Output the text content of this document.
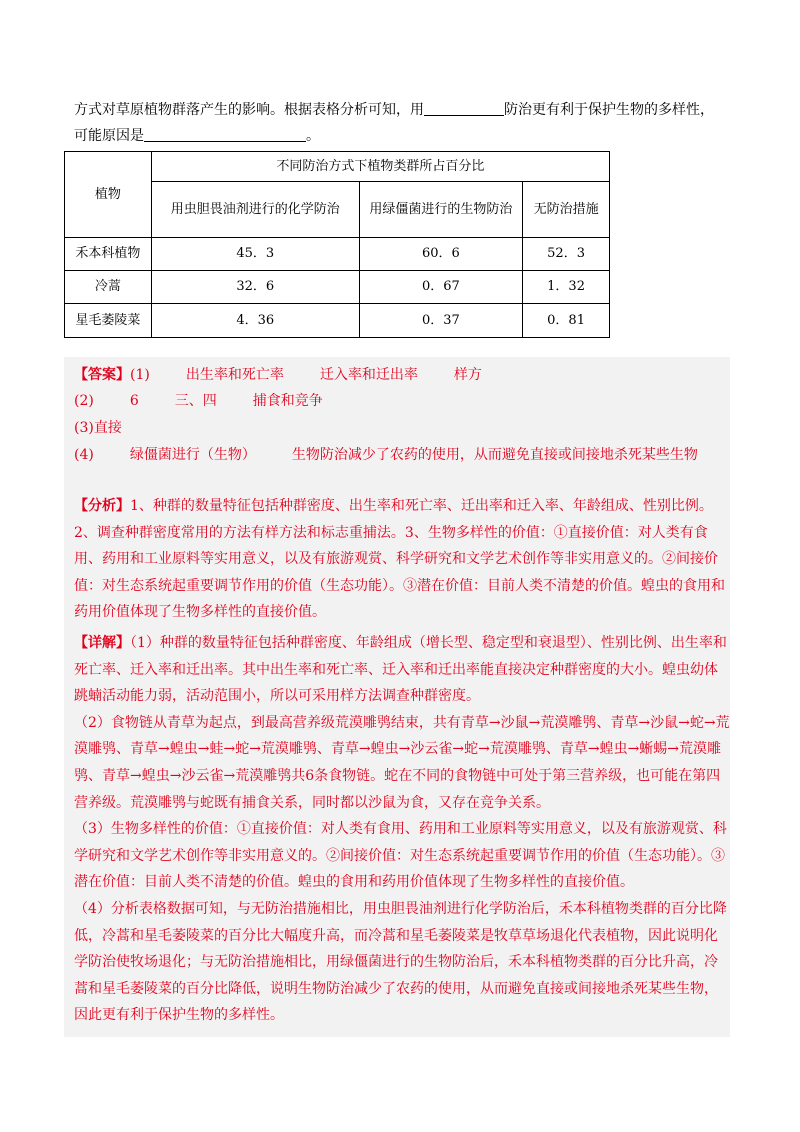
方式对草原植物群落产生的影响。根据表格分析可知，用	防治更有利于保护生物的多样性，
可能原因是	。
植物	不同防治方式下植物类群所占百分比		
	用虫胆畏油剂进行的化学防治	用绿僵菌进行的生物防治	无防治措施
禾本科植物	45．3	60．6	52．3
冷蒿	32．6	0．67	1．32
星毛萎陵菜	4．36	0．37	0．81
【答案】(1)	出生率和死亡率	迁入率和迁出率	样方
(2)	6	三、四	捕食和竞争
(3)直接
(4)	绿僵菌进行（生物）	生物防治减少了农药的使用，从而避免直接或间接地杀死某些生物
【分析】1、种群的数量特征包括种群密度、出生率和死亡率、迁出率和迁入率、年龄组成、性别比例。2、调查种群密度常用的方法有样方法和标志重捕法。3、生物多样性的价值：①直接价值：对人类有食用、药用和工业原料等实用意义，以及有旅游观赏、科学研究和文学艺术创作等非实用意义的。②间接价值：对生态系统起重要调节作用的价值（生态功能）。③潜在价值：目前人类不清楚的价值。蝗虫的食用和药用价值体现了生物多样性的直接价值。
【详解】（1）种群的数量特征包括种群密度、年龄组成（增长型、稳定型和衰退型）、性别比例、出生率和死亡率、迁入率和迁出率。其中出生率和死亡率、迁入率和迁出率能直接决定种群密度的大小。蝗虫幼体跳蝻活动能力弱，活动范围小，所以可采用样方法调查种群密度。
（2）食物链从青草为起点，到最高营养级荒漠雕鸮结束，共有青草→沙鼠→荒漠雕鸮、青草→沙鼠→蛇→荒漠雕鸮、青草→蝗虫→蛙→蛇→荒漠雕鸮、青草→蝗虫→沙云雀→蛇→荒漠雕鸮、青草→蝗虫→蜥蜴→荒漠雕鸮、青草→蝗虫→沙云雀→荒漠雕鸮共6条食物链。蛇在不同的食物链中可处于第三营养级，也可能在第四营养级。荒漠雕鸮与蛇既有捕食关系，同时都以沙鼠为食，又存在竞争关系。
（3）生物多样性的价值：①直接价值：对人类有食用、药用和工业原料等实用意义，以及有旅游观赏、科学研究和文学艺术创作等非实用意义的。②间接价值：对生态系统起重要调节作用的价值（生态功能）。③潜在价值：目前人类不清楚的价值。蝗虫的食用和药用价值体现了生物多样性的直接价值。
（4）分析表格数据可知，与无防治措施相比，用虫胆畏油剂进行化学防治后，禾本科植物类群的百分比降低，冷蒿和星毛萎陵菜的百分比大幅度升高，而冷蒿和星毛萎陵菜是牧草草场退化代表植物，因此说明化学防治使牧场退化；与无防治措施相比，用绿僵菌进行的生物防治后，禾本科植物类群的百分比升高，冷蒿和星毛萎陵菜的百分比降低，说明生物防治减少了农药的使用，从而避免直接或间接地杀死某些生物，因此更有利于保护生物的多样性。
